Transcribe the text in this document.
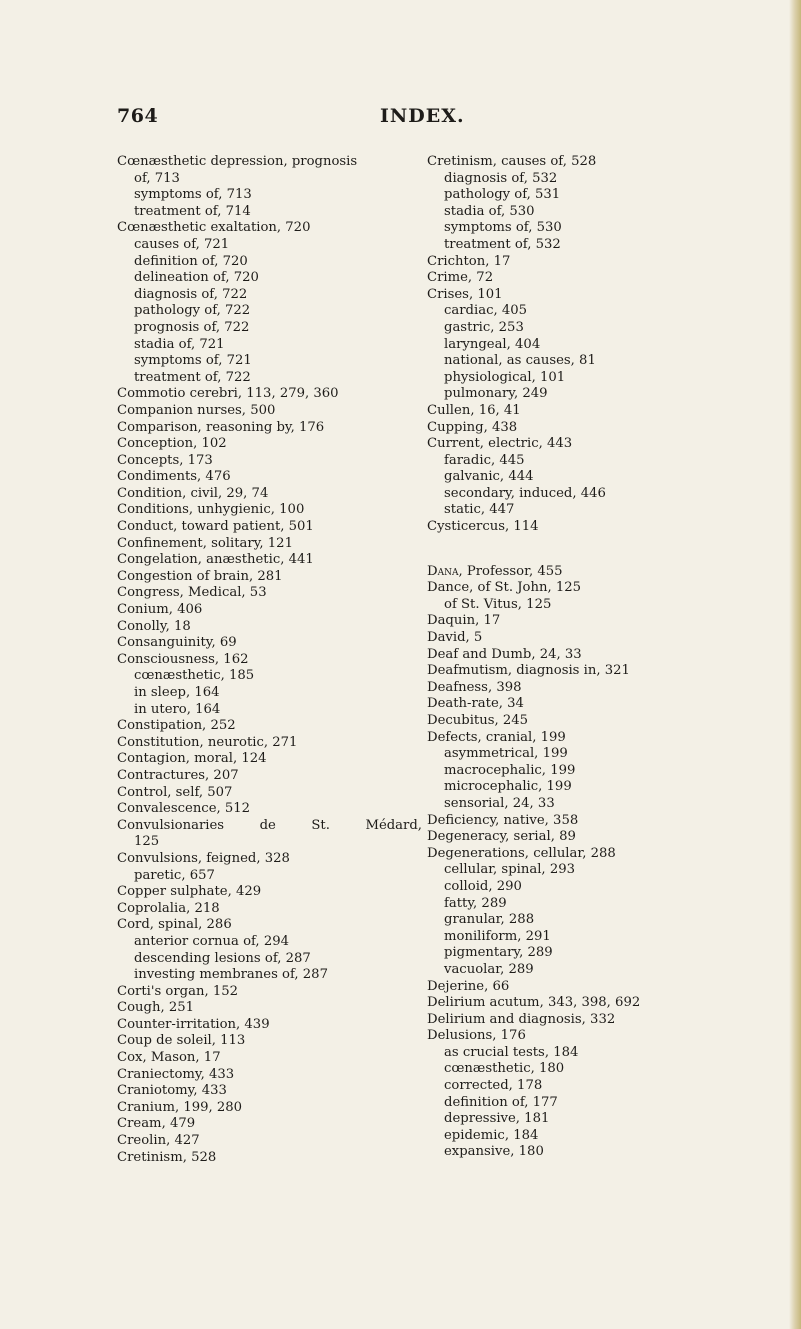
764	INDEX.
Cœnæsthetic depression, prognosis
of, 713
symptoms of, 713
treatment of, 714
Cœnæsthetic exaltation, 720
causes of, 721
definition of, 720
delineation of, 720
diagnosis of, 722
pathology of, 722
prognosis of, 722
stadia of, 721
symptoms of, 721
treatment of, 722
Commotio cerebri, 113, 279, 360
Companion nurses, 500
Comparison, reasoning by, 176
Conception, 102
Concepts, 173
Condiments, 476
Condition, civil, 29, 74
Conditions, unhygienic, 100
Conduct, toward patient, 501
Confinement, solitary, 121
Congelation, anæsthetic, 441
Congestion of brain, 281
Congress, Medical, 53
Conium, 406
Conolly, 18
Consanguinity, 69
Consciousness, 162
cœnæsthetic, 185
in sleep, 164
in utero, 164
Constipation, 252
Constitution, neurotic, 271
Contagion, moral, 124
Contractures, 207
Control, self, 507
Convalescence, 512
Convulsionaries	de	St.	Médard,
125
Convulsions, feigned, 328
paretic, 657
Copper sulphate, 429
Coprolalia, 218
Cord, spinal, 286
anterior cornua of, 294
descending lesions of, 287
investing membranes of, 287
Corti's organ, 152
Cough, 251
Counter-irritation, 439
Coup de soleil, 113
Cox, Mason, 17
Craniectomy, 433
Craniotomy, 433
Cranium, 199, 280
Cream, 479
Creolin, 427
Cretinism, 528
Cretinism, causes of, 528
diagnosis of, 532
pathology of, 531
stadia of, 530
symptoms of, 530
treatment of, 532
Crichton, 17
Crime, 72
Crises, 101
cardiac, 405
gastric, 253
laryngeal, 404
national, as causes, 81
physiological, 101
pulmonary, 249
Cullen, 16, 41
Cupping, 438
Current, electric, 443
faradic, 445
galvanic, 444
secondary, induced, 446
static, 447
Cysticercus, 114
Dana, Professor, 455
Dance, of St. John, 125
of St. Vitus, 125
Daquin, 17
David, 5
Deaf and Dumb, 24, 33
Deafmutism, diagnosis in, 321
Deafness, 398
Death-rate, 34
Decubitus, 245
Defects, cranial, 199
asymmetrical, 199
macrocephalic, 199
microcephalic, 199
sensorial, 24, 33
Deficiency, native, 358
Degeneracy, serial, 89
Degenerations, cellular, 288
cellular, spinal, 293
colloid, 290
fatty, 289
granular, 288
moniliform, 291
pigmentary, 289
vacuolar, 289
Dejerine, 66
Delirium acutum, 343, 398, 692
Delirium and diagnosis, 332
Delusions, 176
as crucial tests, 184
cœnæsthetic, 180
corrected, 178
definition of, 177
depressive, 181
epidemic, 184
expansive, 180
